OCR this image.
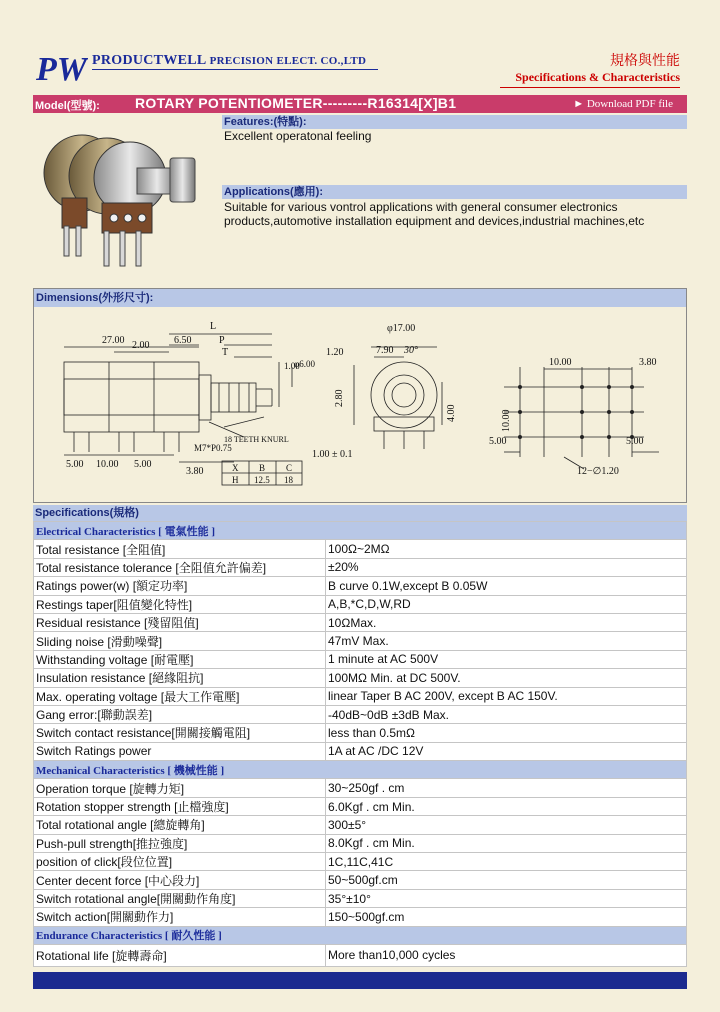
PW PRODUCTWELL PRECISION ELECT. CO.,LTD	規格與性能
Specifications & Characteristics
Model(型號):	ROTARY POTENTIOMETER---------R16314[X]B1	► Download PDF file
Features:(特點):
Excellent operatonal feeling
Applications(應用):
Suitable for various vontrol applications with general consumer electronics
products,automotive installation equipment and devices,industrial machines,etc
Dimensions(外形尺寸):
27.00 2.00
L
6.50	P
T
1.00
φ6.00
18 TEETH KNURL
M7*P0.75
5.00 10.00 5.00
3.80	X B C
H 12.5 18
φ17.00
1.20	7.90 30°
2.80
4.00
1.00 ± 0.1
3.80
10.00
10.00
5.00	5.00
12−∅1.20
Specifications(規格)
Electrical Characteristics [ 電氣性能 ]	
Total resistance [全阻值]	100Ω~2MΩ
Total resistance tolerance [全阻值允許偏差]	±20%
Ratings power(w) [額定功率]	B curve 0.1W,except B 0.05W
Restings taper[阻值變化特性]	A,B,*C,D,W,RD
Residual resistance [殘留阻值]	10ΩMax.
Sliding noise [滑動噪聲]	47mV Max.
Withstanding voltage [耐電壓]	1 minute at AC 500V
Insulation resistance [絕緣阻抗]	100MΩ Min. at DC 500V.
Max. operating voltage [最大工作電壓]	linear Taper B AC 200V, except B AC 150V.
Gang error:[聯動誤差]	-40dB~0dB ±3dB Max.
Switch contact resistance[開關接觸電阻]	less than 0.5mΩ
Switch Ratings power	1A at AC /DC 12V
Mechanical Characteristics [ 機械性能 ]	
Operation torque [旋轉力矩]	30~250gf . cm
Rotation stopper strength [止檔強度]	6.0Kgf . cm Min.
Total rotational angle [總旋轉角]	300±5°
Push-pull strength[推拉強度]	8.0Kgf . cm Min.
position of click[段位位置]	1C,11C,41C
Center decent force [中心段力]	50~500gf.cm
Switch rotational angle[開關動作角度]	35°±10°
Switch action[開關動作力]	150~500gf.cm
Endurance Characteristics [ 耐久性能 ]	
Rotational life [旋轉壽命]	More than10,000 cycles
